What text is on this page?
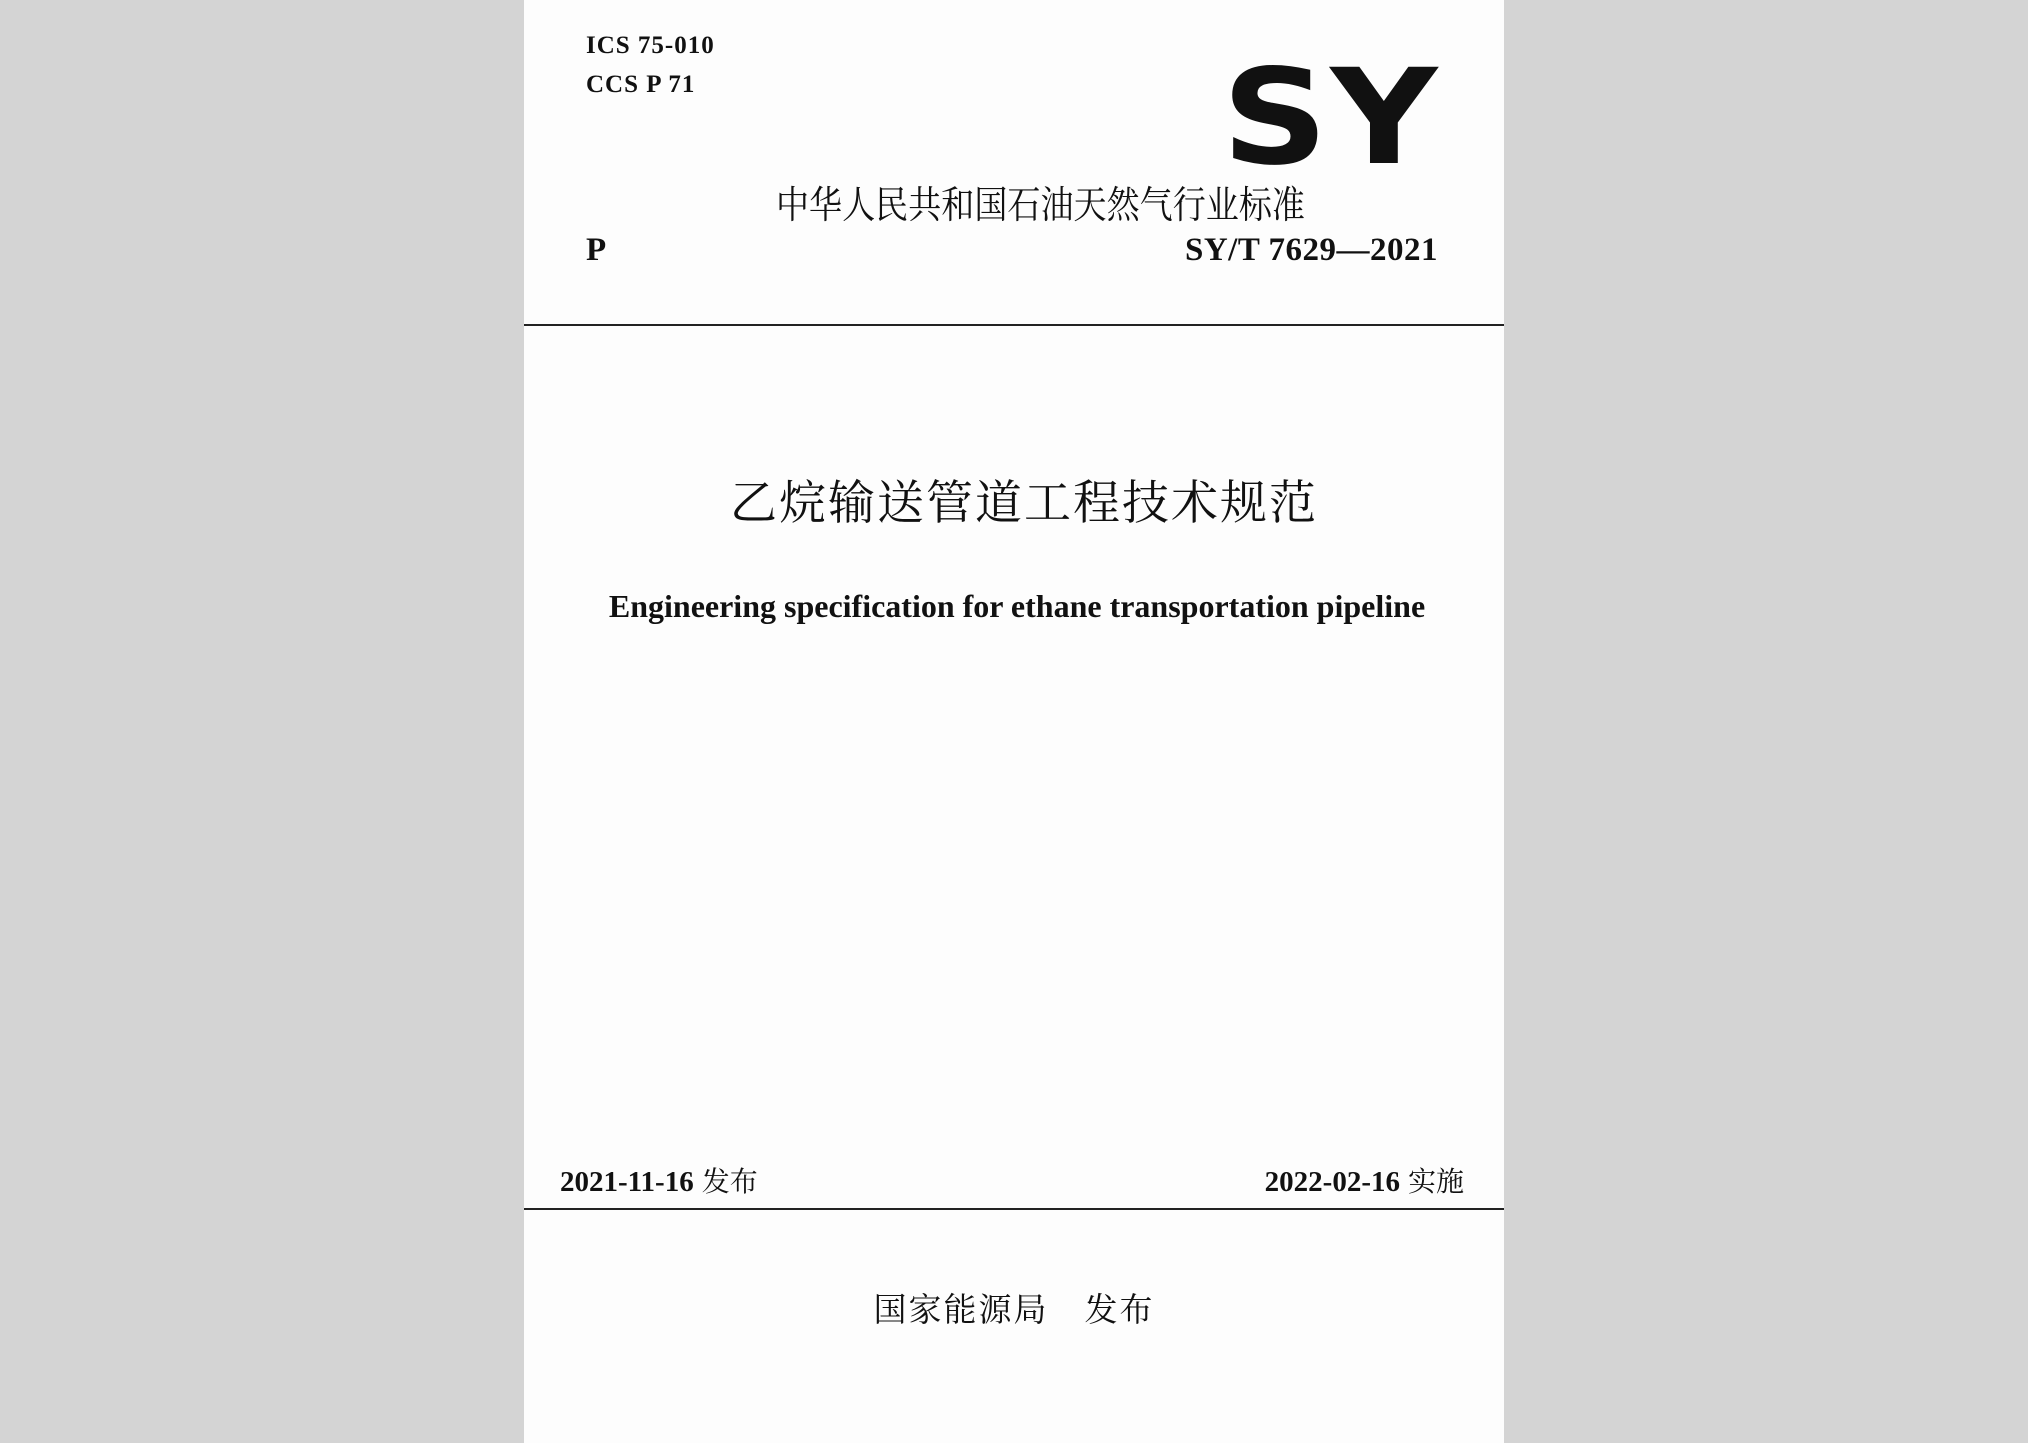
ICS 75-010
CCS P 71	SY
中华人民共和国石油天然气行业标准
P	SY/T 7629—2021
乙烷输送管道工程技术规范
Engineering specification for ethane transportation pipeline
2021-11-16 发布	2022-02-16 实施
国家能源局 发布
